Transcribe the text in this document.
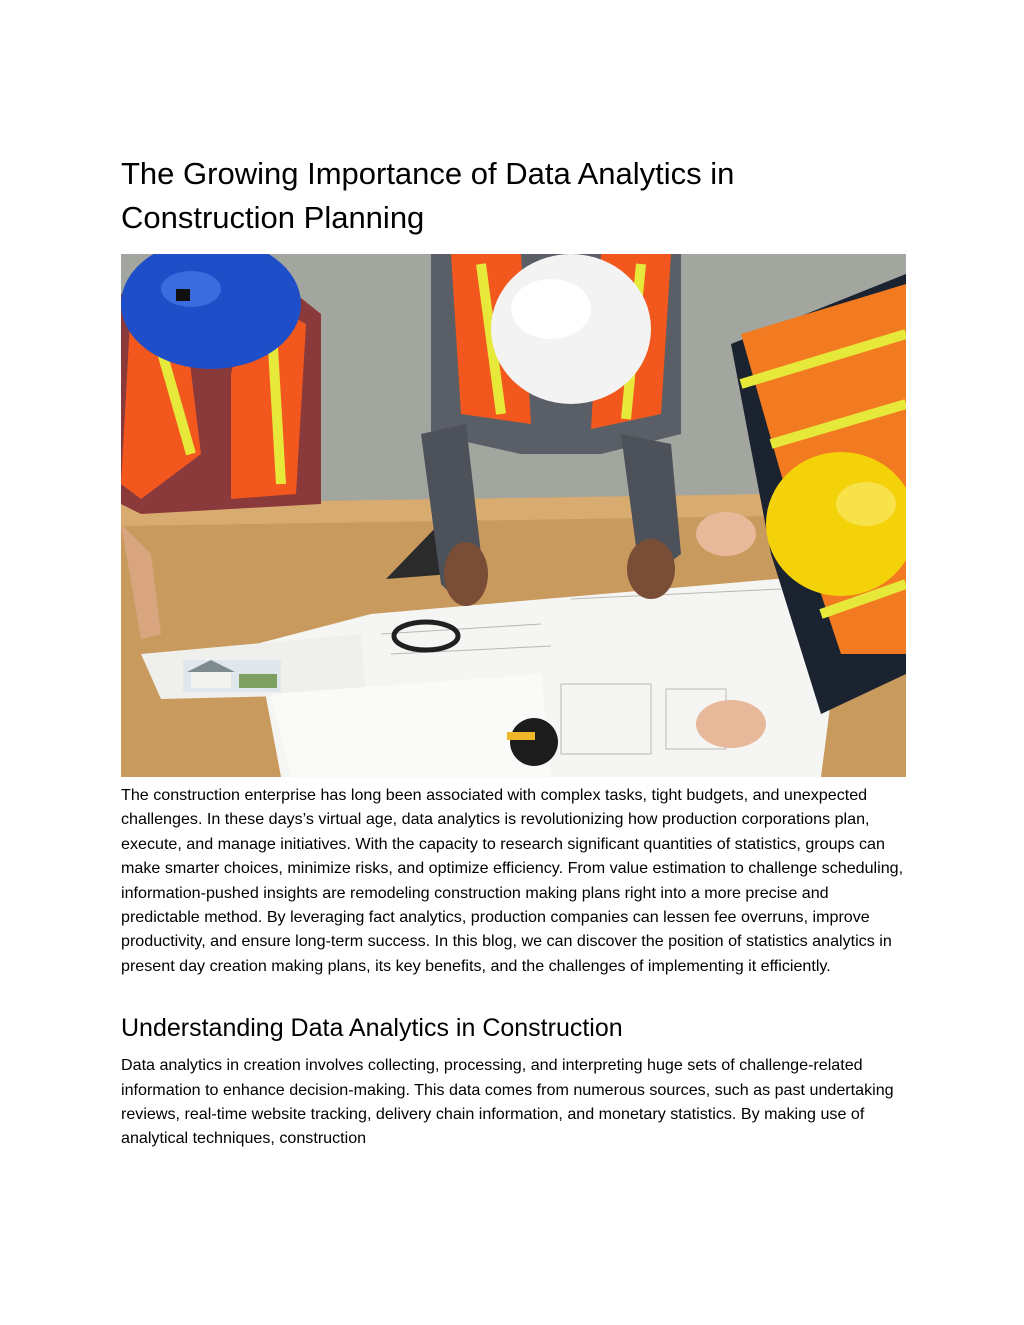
The Growing Importance of Data Analytics in Construction Planning

The construction enterprise has long been associated with complex tasks, tight budgets, and unexpected challenges. In these days’s virtual age, data analytics is revolutionizing how production corporations plan, execute, and manage initiatives. With the capacity to research significant quantities of statistics, groups can make smarter choices, minimize risks, and optimize efficiency. From value estimation to challenge scheduling, information-pushed insights are remodeling construction making plans right into a more precise and predictable method. By leveraging fact analytics, production companies can lessen fee overruns, improve productivity, and ensure long-term success. In this blog, we can discover the position of statistics analytics in present day creation making plans, its key benefits, and the challenges of implementing it efficiently.

Understanding Data Analytics in Construction

Data analytics in creation involves collecting, processing, and interpreting huge sets of challenge-related information to enhance decision-making. This data comes from numerous sources, such as past undertaking reviews, real-time website tracking, delivery chain information, and monetary statistics. By making use of analytical techniques, construction
